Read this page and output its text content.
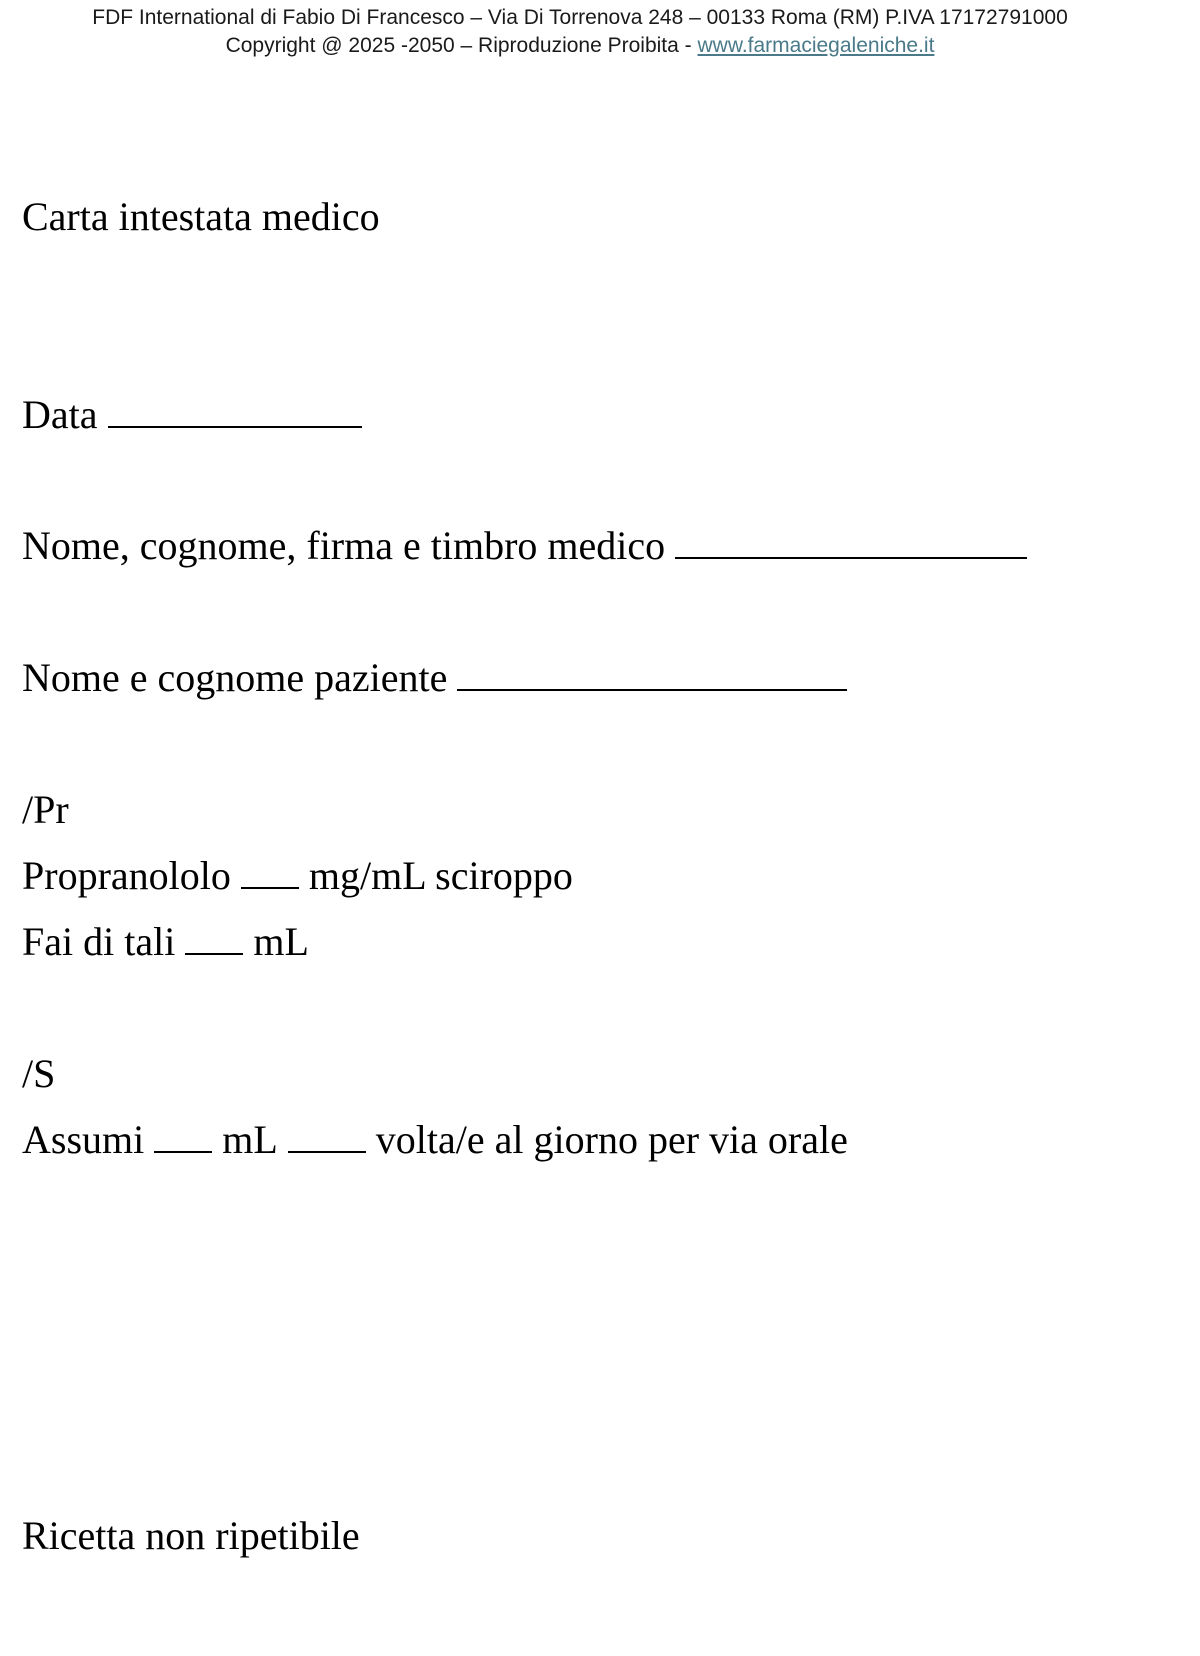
FDF International di Fabio Di Francesco – Via Di Torrenova 248 – 00133 Roma (RM) P.IVA 17172791000
Copyright @ 2025 -2050 – Riproduzione Proibita - www.farmaciegaleniche.it
Carta intestata medico
Data
Nome, cognome, firma e timbro medico
Nome e cognome paziente
/Pr
Propranololo mg/mL sciroppo
Fai di tali mL
/S
Assumi mL volta/e al giorno per via orale
Ricetta non ripetibile
